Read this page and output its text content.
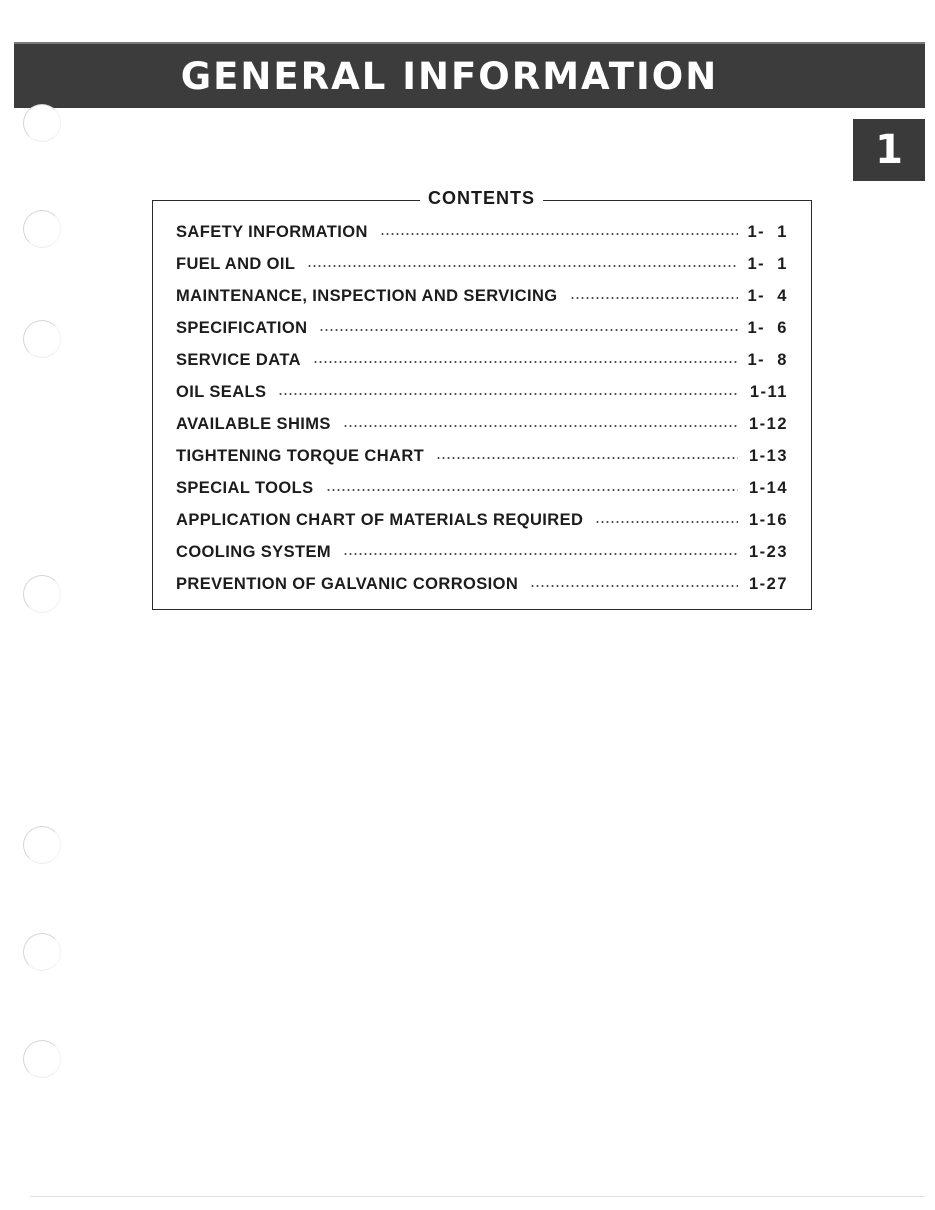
GENERAL INFORMATION
1
CONTENTS
SAFETY INFORMATION	1-  1
FUEL AND OIL	1-  1
MAINTENANCE, INSPECTION AND SERVICING	1-  4
SPECIFICATION	1-  6
SERVICE DATA	1-  8
OIL SEALS	1-11
AVAILABLE SHIMS	1-12
TIGHTENING TORQUE CHART	1-13
SPECIAL TOOLS	1-14
APPLICATION CHART OF MATERIALS REQUIRED	1-16
COOLING SYSTEM	1-23
PREVENTION OF GALVANIC CORROSION	1-27
